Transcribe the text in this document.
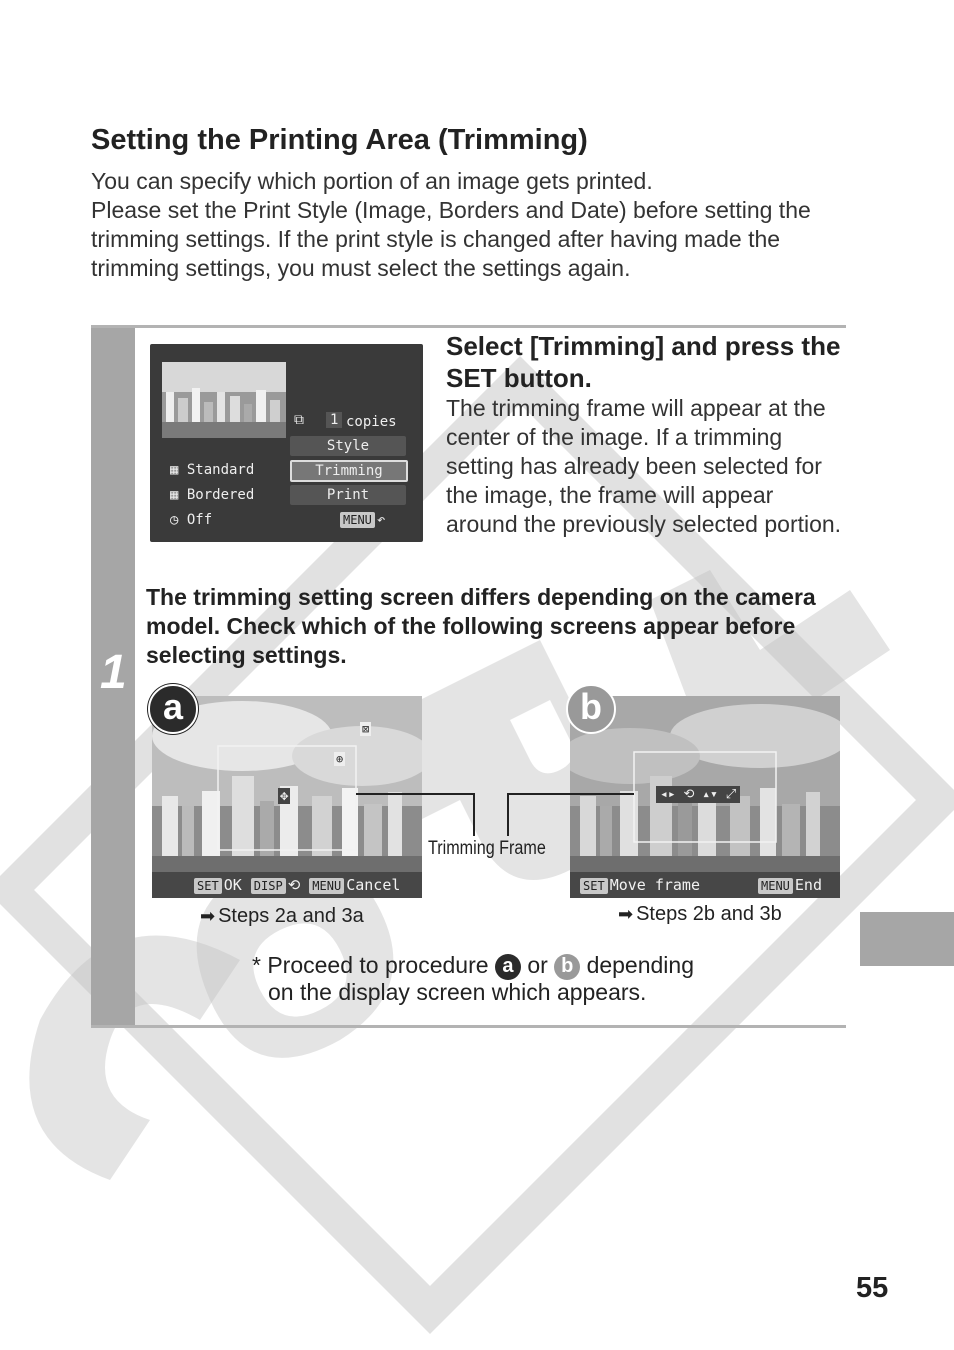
Setting the Printing Area (Trimming)

You can specify which portion of an image gets printed.

Please set the Print Style (Image, Borders and Date) before setting the trimming settings. If the print style is changed after having made the trimming settings, you must select the settings again.

1
⧉ 1 copies
Style
Trimming
Print
▦ Standard
▦ Bordered
◷ Off	MENU ↶
Select [Trimming] and press the SET button.
The trimming frame will appear at the center of the image. If a trimming setting has already been selected for the image, the frame will appear around the previously selected portion.
The trimming setting screen differs depending on the camera model. Check which of the following screens appear before selecting settings.
⊠
⊕
✥
SET OK DISP ⟲ MENU Cancel
◂▸ ⟲ ▴▾ ⤢
SET Move frame	MENU End
a	b
Trimming Frame
➡ Steps 2a and 3a	➡ Steps 2b and 3b
* Proceed to procedure a or b depending
on the display screen which appears.
55
